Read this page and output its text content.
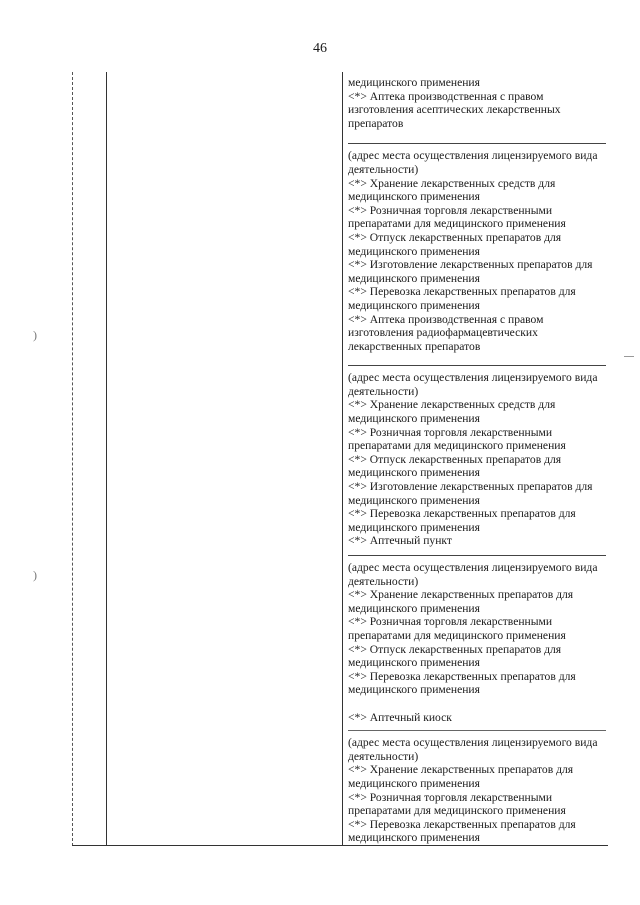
46
)
)
медицинского применения
<*> Аптека производственная с правом
изготовления асептических лекарственных
препаратов
(адрес места осуществления лицензируемого вида
деятельности)
<*> Хранение лекарственных средств для
медицинского применения
<*> Розничная торговля лекарственными
препаратами для медицинского применения
<*> Отпуск лекарственных препаратов для
медицинского применения
<*> Изготовление лекарственных препаратов для
медицинского применения
<*> Перевозка лекарственных препаратов для
медицинского применения
<*> Аптека производственная с правом
изготовления радиофармацевтических
лекарственных препаратов
(адрес места осуществления лицензируемого вида
деятельности)
<*> Хранение лекарственных средств для
медицинского применения
<*> Розничная торговля лекарственными
препаратами для медицинского применения
<*> Отпуск лекарственных препаратов для
медицинского применения
<*> Изготовление лекарственных препаратов для
медицинского применения
<*> Перевозка лекарственных препаратов для
медицинского применения
<*> Аптечный пункт
(адрес места осуществления лицензируемого вида
деятельности)
<*> Хранение лекарственных препаратов для
медицинского применения
<*> Розничная торговля лекарственными
препаратами для медицинского применения
<*> Отпуск лекарственных препаратов для
медицинского применения
<*> Перевозка лекарственных препаратов для
медицинского применения
<*> Аптечный киоск
(адрес места осуществления лицензируемого вида
деятельности)
<*> Хранение лекарственных препаратов для
медицинского применения
<*> Розничная торговля лекарственными
препаратами для медицинского применения
<*> Перевозка лекарственных препаратов для
медицинского применения
